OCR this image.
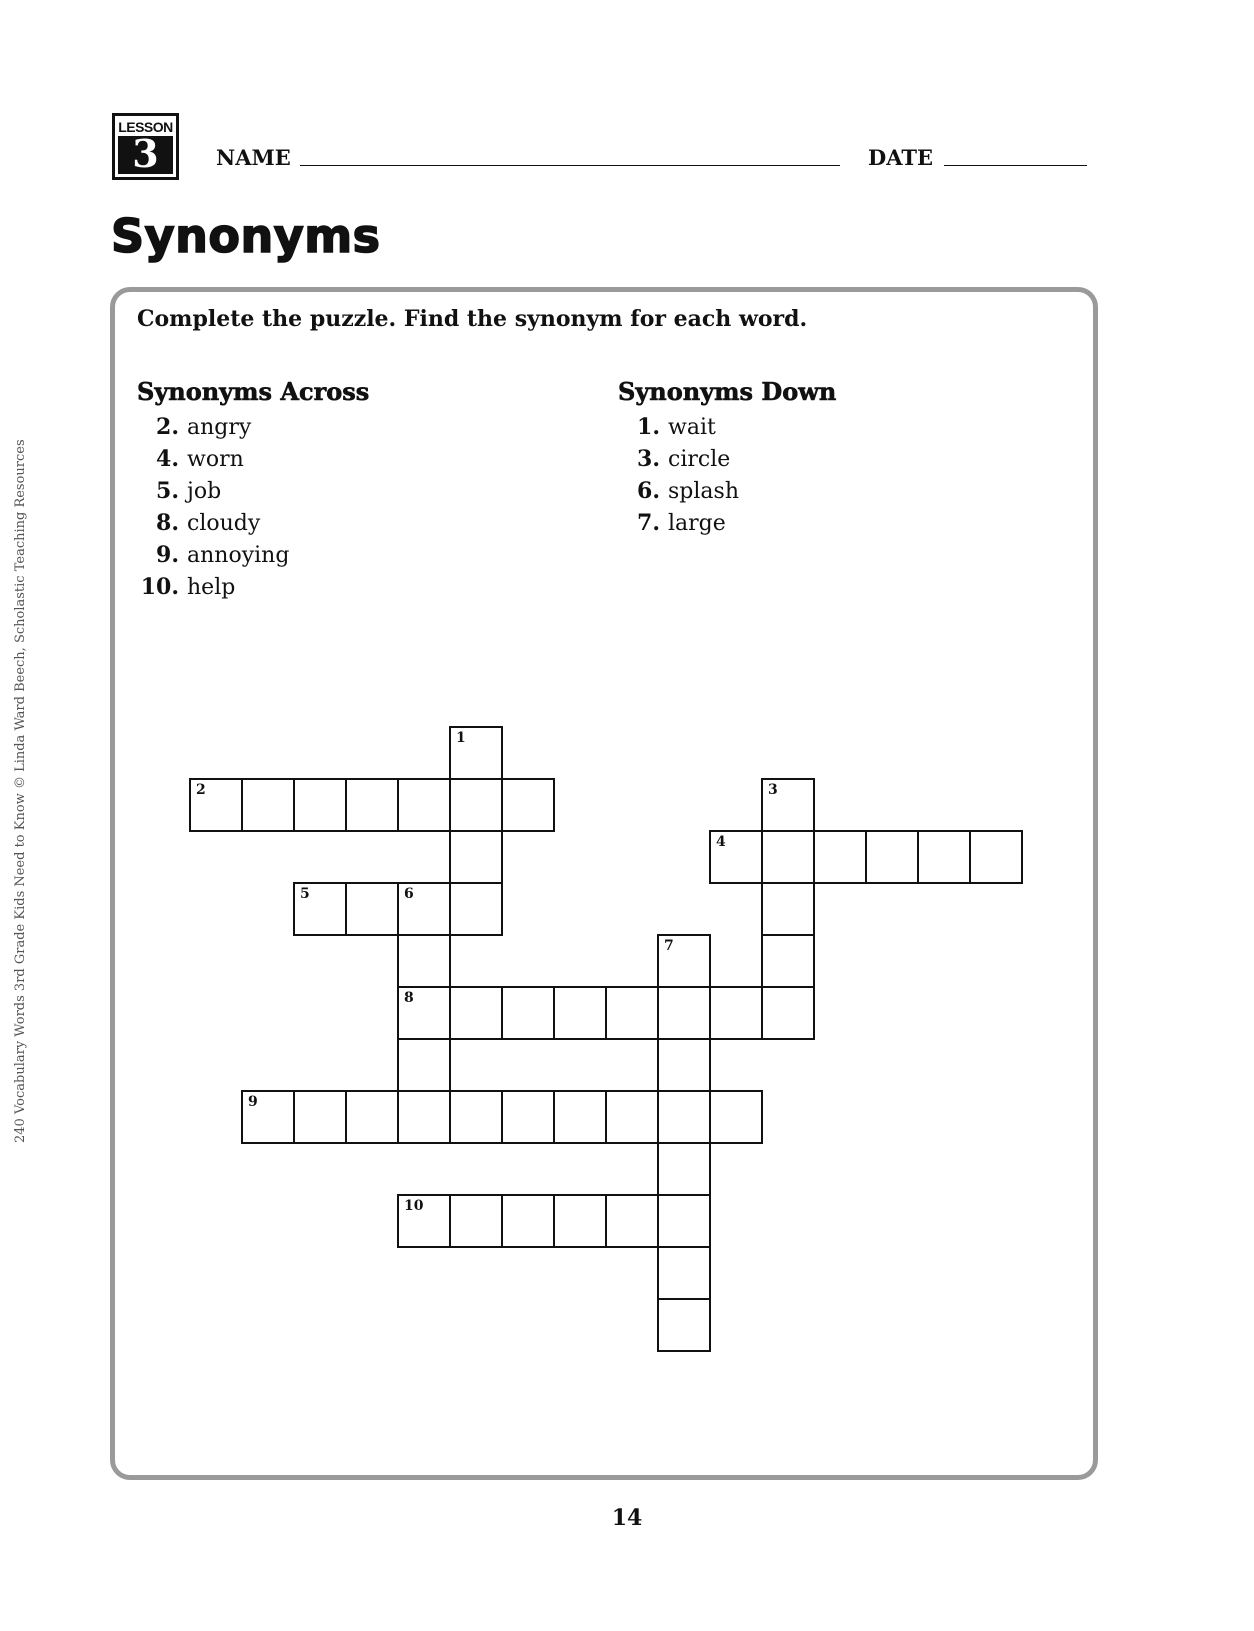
LESSON
3	NAME	DATE
Synonyms
Complete the puzzle. Find the synonym for each word.
Synonyms Across
2. angry
4. worn
5. job
8. cloudy
9. annoying
10. help
Synonyms Down
1. wait
3. circle
6. splash
7. large
1
2	3
4
5	6
8
7
9
10
240 Vocabulary Words 3rd Grade Kids Need to Know © Linda Ward Beech, Scholastic Teaching Resources
14
